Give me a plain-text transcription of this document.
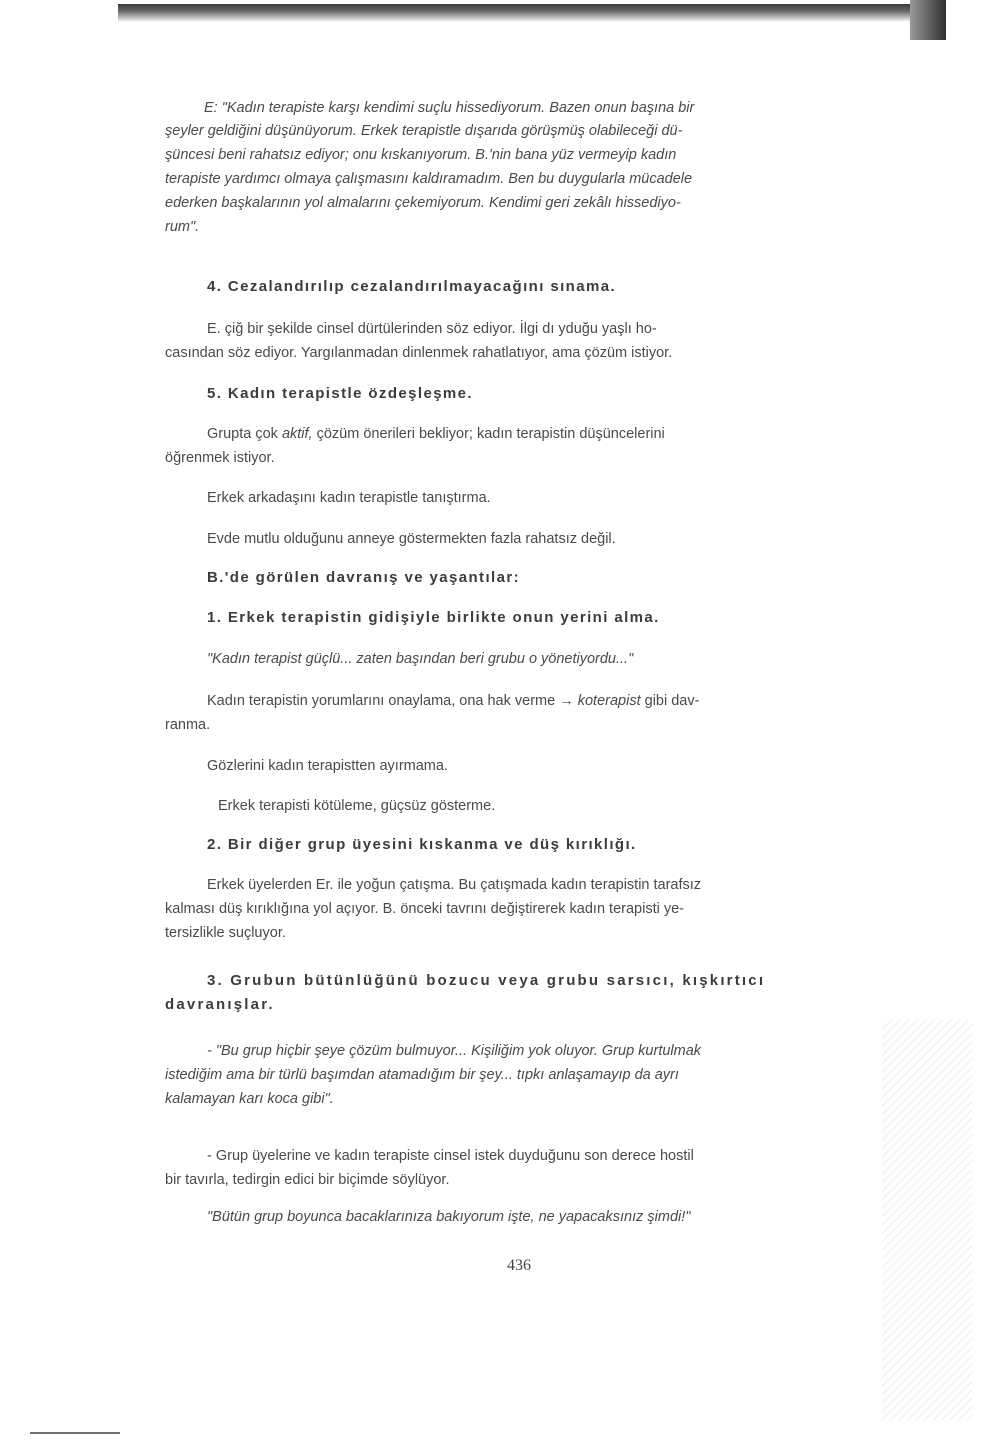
E: "Kadın terapiste karşı kendimi suçlu hissediyorum. Bazen onun başına bir
şeyler geldiğini düşünüyorum. Erkek terapistle dışarıda görüşmüş olabileceği dü-
şüncesi beni rahatsız ediyor; onu kıskanıyorum. B.'nin bana yüz vermeyip kadın
terapiste yardımcı olmaya çalışmasını kaldıramadım. Ben bu duygularla mücadele
ederken başkalarının yol almalarını çekemiyorum. Kendimi geri zekâlı hissediyo-
rum".
4. Cezalandırılıp cezalandırılmayacağını sınama.
E. çiğ bir şekilde cinsel dürtülerinden söz ediyor. İlgi dı yduğu yaşlı ho-
casından söz ediyor. Yargılanmadan dinlenmek rahatlatıyor, ama çözüm istiyor.
5. Kadın terapistle özdeşleşme.
Grupta çok aktif, çözüm önerileri bekliyor; kadın terapistin düşüncelerini
öğrenmek istiyor.
Erkek arkadaşını kadın terapistle tanıştırma.
Evde mutlu olduğunu anneye göstermekten fazla rahatsız değil.
B.'de görülen davranış ve yaşantılar:
1. Erkek terapistin gidişiyle birlikte onun yerini alma.
"Kadın terapist güçlü... zaten başından beri grubu o yönetiyordu..."
Kadın terapistin yorumlarını onaylama, ona hak verme → koterapist gibi dav-
ranma.
Gözlerini kadın terapistten ayırmama.
Erkek terapisti kötüleme, güçsüz gösterme.
2. Bir diğer grup üyesini kıskanma ve düş kırıklığı.
Erkek üyelerden Er. ile yoğun çatışma. Bu çatışmada kadın terapistin tarafsız
kalması düş kırıklığına yol açıyor. B. önceki tavrını değiştirerek kadın terapisti ye-
tersizlikle suçluyor.
3. Grubun bütünlüğünü bozucu veya grubu sarsıcı, kışkırtıcı
davranışlar.
- "Bu grup hiçbir şeye çözüm bulmuyor... Kişiliğim yok oluyor. Grup kurtulmak
istediğim ama bir türlü başımdan atamadığım bir şey... tıpkı anlaşamayıp da ayrı
kalamayan karı koca gibi".
- Grup üyelerine ve kadın terapiste cinsel istek duyduğunu son derece hostil
bir tavırla, tedirgin edici bir biçimde söylüyor.
"Bütün grup boyunca bacaklarınıza bakıyorum işte, ne yapacaksınız şimdi!"
436
